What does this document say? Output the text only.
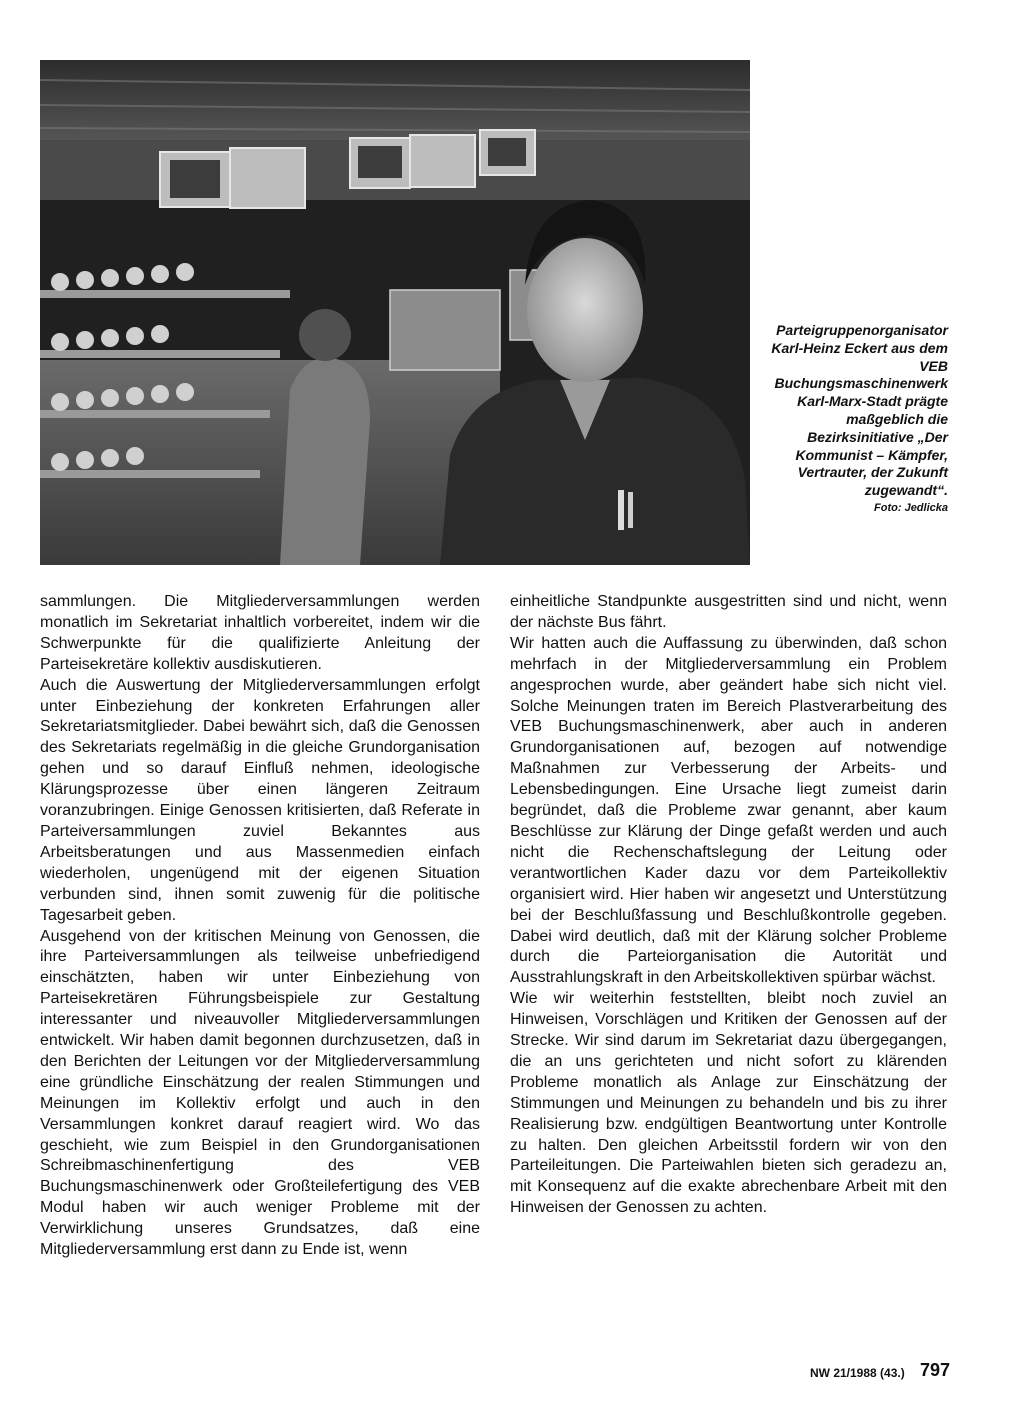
Parteigruppenorganisator Karl-Heinz Eckert aus dem VEB Buchungsmaschinenwerk Karl-Marx-Stadt prägte maßgeblich die Bezirksinitiative „Der Kommunist – Kämpfer, Vertrauter, der Zukunft zugewandt“.
Foto: Jedlicka

sammlungen. Die Mitgliederversammlungen werden monatlich im Sekretariat inhaltlich vorbereitet, indem wir die Schwerpunkte für die qualifizierte Anleitung der Parteisekretäre kollektiv ausdiskutieren.

Auch die Auswertung der Mitgliederversammlungen erfolgt unter Einbeziehung der konkreten Erfahrungen aller Sekretariatsmitglieder. Dabei bewährt sich, daß die Genossen des Sekretariats regelmäßig in die gleiche Grundorganisation gehen und so darauf Einfluß nehmen, ideologische Klärungsprozesse über einen längeren Zeitraum voranzubringen. Einige Genossen kritisierten, daß Referate in Parteiversammlungen zuviel Bekanntes aus Arbeitsberatungen und aus Massenmedien einfach wiederholen, ungenügend mit der eigenen Situation verbunden sind, ihnen somit zuwenig für die politische Tagesarbeit geben.

Ausgehend von der kritischen Meinung von Genossen, die ihre Parteiversammlungen als teilweise unbefriedigend einschätzten, haben wir unter Einbeziehung von Parteisekretären Führungsbeispiele zur Gestaltung interessanter und niveauvoller Mitgliederversammlungen entwickelt. Wir haben damit begonnen durchzusetzen, daß in den Berichten der Leitungen vor der Mitgliederversammlung eine gründliche Einschätzung der realen Stimmungen und Meinungen im Kollektiv erfolgt und auch in den Versammlungen konkret darauf reagiert wird. Wo das geschieht, wie zum Beispiel in den Grundorganisationen Schreibmaschinenfertigung des VEB Buchungsmaschinenwerk oder Großteilefertigung des VEB Modul haben wir auch weniger Probleme mit der Verwirklichung unseres Grundsatzes, daß eine Mitgliederversammlung erst dann zu Ende ist, wenn

einheitliche Standpunkte ausgestritten sind und nicht, wenn der nächste Bus fährt.

Wir hatten auch die Auffassung zu überwinden, daß schon mehrfach in der Mitgliederversammlung ein Problem angesprochen wurde, aber geändert habe sich nicht viel. Solche Meinungen traten im Bereich Plastverarbeitung des VEB Buchungsmaschinenwerk, aber auch in anderen Grundorganisationen auf, bezogen auf notwendige Maßnahmen zur Verbesserung der Arbeits- und Lebensbedingungen. Eine Ursache liegt zumeist darin begründet, daß die Probleme zwar genannt, aber kaum Beschlüsse zur Klärung der Dinge gefaßt werden und auch nicht die Rechenschaftslegung der Leitung oder verantwortlichen Kader dazu vor dem Parteikollektiv organisiert wird. Hier haben wir angesetzt und Unterstützung bei der Beschlußfassung und Beschlußkontrolle gegeben. Dabei wird deutlich, daß mit der Klärung solcher Probleme durch die Parteiorganisation die Autorität und Ausstrahlungskraft in den Arbeitskollektiven spürbar wächst.

Wie wir weiterhin feststellten, bleibt noch zuviel an Hinweisen, Vorschlägen und Kritiken der Genossen auf der Strecke. Wir sind darum im Sekretariat dazu übergegangen, die an uns gerichteten und nicht sofort zu klärenden Probleme monatlich als Anlage zur Einschätzung der Stimmungen und Meinungen zu behandeln und bis zu ihrer Realisierung bzw. endgültigen Beantwortung unter Kontrolle zu halten. Den gleichen Arbeitsstil fordern wir von den Parteileitungen. Die Parteiwahlen bieten sich geradezu an, mit Konsequenz auf die exakte abrechenbare Arbeit mit den Hinweisen der Genossen zu achten.

NW 21/1988 (43.) 797
